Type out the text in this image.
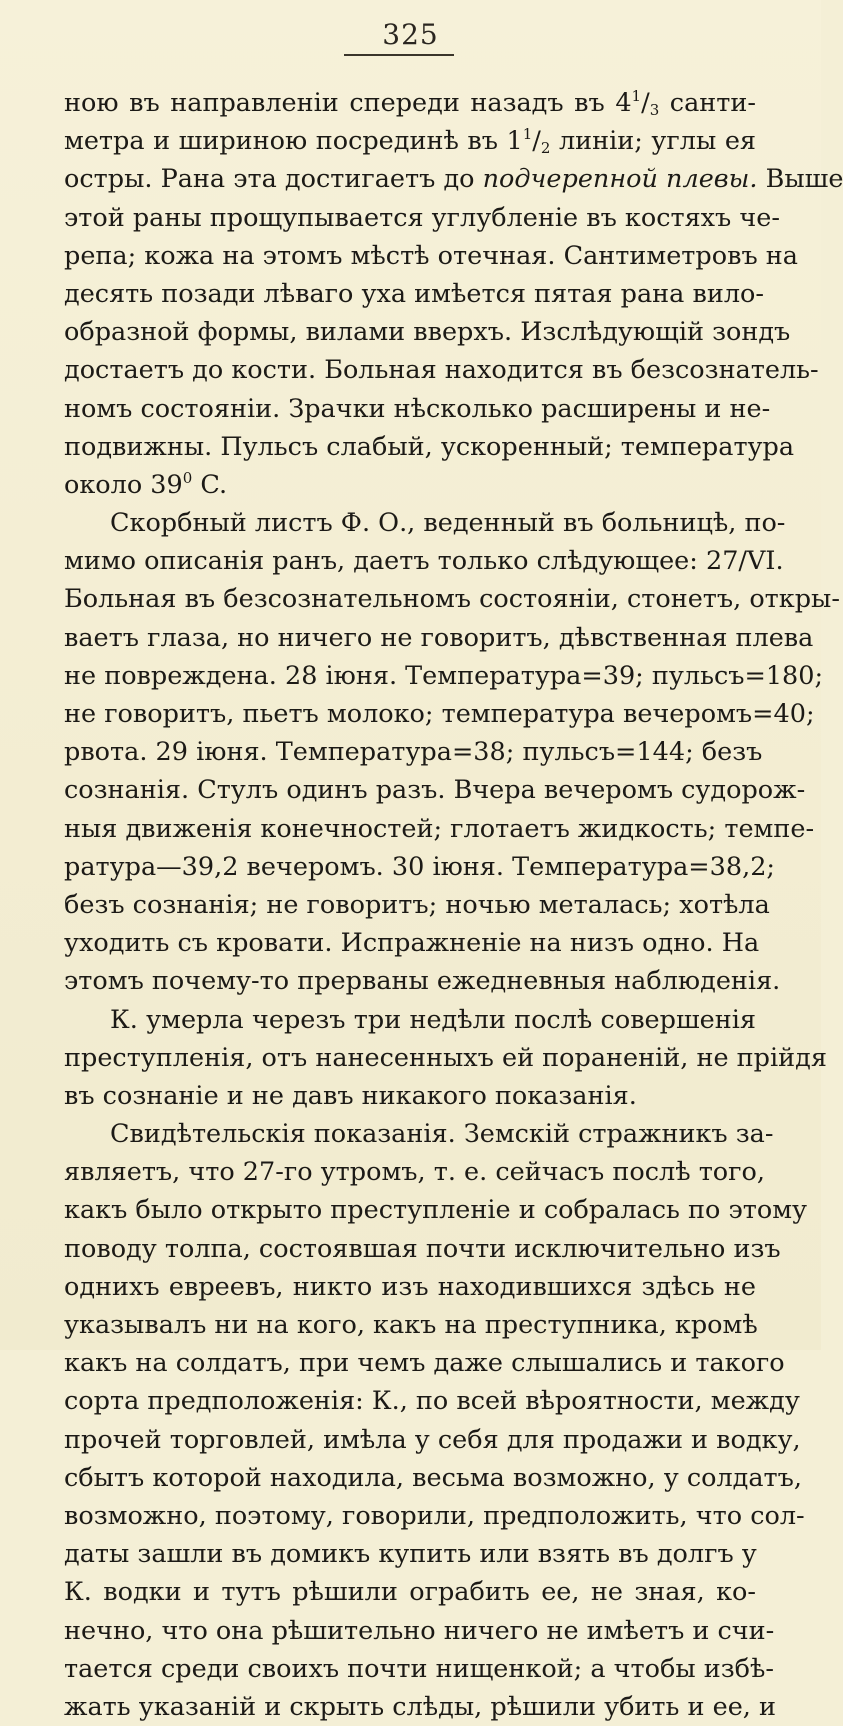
325
ною въ направленіи спереди назадъ въ $4^1/_3$ санти-
метра и шириною посрединѣ въ $1^1/_2$ линіи; углы ея
остры. Рана эта достигаетъ до подчерепной плевы. Выше
этой раны прощупывается углубленіе въ костяхъ че-
репа; кожа на этомъ мѣстѣ отечная. Сантиметровъ на
десять позади лѣваго уха имѣется пятая рана вило-
образной формы, вилами вверхъ. Изслѣдующій зондъ
достаетъ до кости. Больная находится въ безсознатель-
номъ состояніи. Зрачки нѣсколько расширены и не-
подвижны. Пульсъ слабый, ускоренный; температура
около $39^0$ C.
Скорбный листъ Ф. О., веденный въ больницѣ, по-
мимо описанія ранъ, даетъ только слѣдующее: 27/VI.
Больная въ безсознательномъ состояніи, стонетъ, откры-
ваетъ глаза, но ничего не говоритъ, дѣвственная плева
не повреждена. 28 іюня. Температура=39; пульсъ=180;
не говоритъ, пьетъ молоко; температура вечеромъ=40;
рвота. 29 іюня. Температура=38; пульсъ=144; безъ
сознанія. Стулъ одинъ разъ. Вчера вечеромъ судорож-
ныя движенія конечностей; глотаетъ жидкость; темпе-
ратура—39,2 вечеромъ. 30 іюня. Температура=38,2;
безъ сознанія; не говоритъ; ночью металась; хотѣла
уходить съ кровати. Испражненіе на низъ одно. На
этомъ почему-то прерваны ежедневныя наблюденія.
К. умерла черезъ три недѣли послѣ совершенія
преступленія, отъ нанесенныхъ ей пораненій, не прійдя
въ сознаніе и не давъ никакого показанія.
Свидѣтельскія показанія. Земскій стражникъ за-
являетъ, что 27-го утромъ, т. е. сейчасъ послѣ того,
какъ было открыто преступленіе и собралась по этому
поводу толпа, состоявшая почти исключительно изъ
однихъ евреевъ, никто изъ находившихся здѣсь не
указывалъ ни на кого, какъ на преступника, кромѣ
какъ на солдатъ, при чемъ даже слышались и такого
сорта предположенія: К., по всей вѣроятности, между
прочей торговлей, имѣла у себя для продажи и водку,
сбытъ которой находила, весьма возможно, у солдатъ,
возможно, поэтому, говорили, предположить, что сол-
даты зашли въ домикъ купить или взять въ долгъ у
К. водки и тутъ рѣшили ограбить ее, не зная, ко-
нечно, что она рѣшительно ничего не имѣетъ и счи-
тается среди своихъ почти нищенкой; а чтобы избѣ-
жать указаній и скрыть слѣды, рѣшили убить и ее, и
